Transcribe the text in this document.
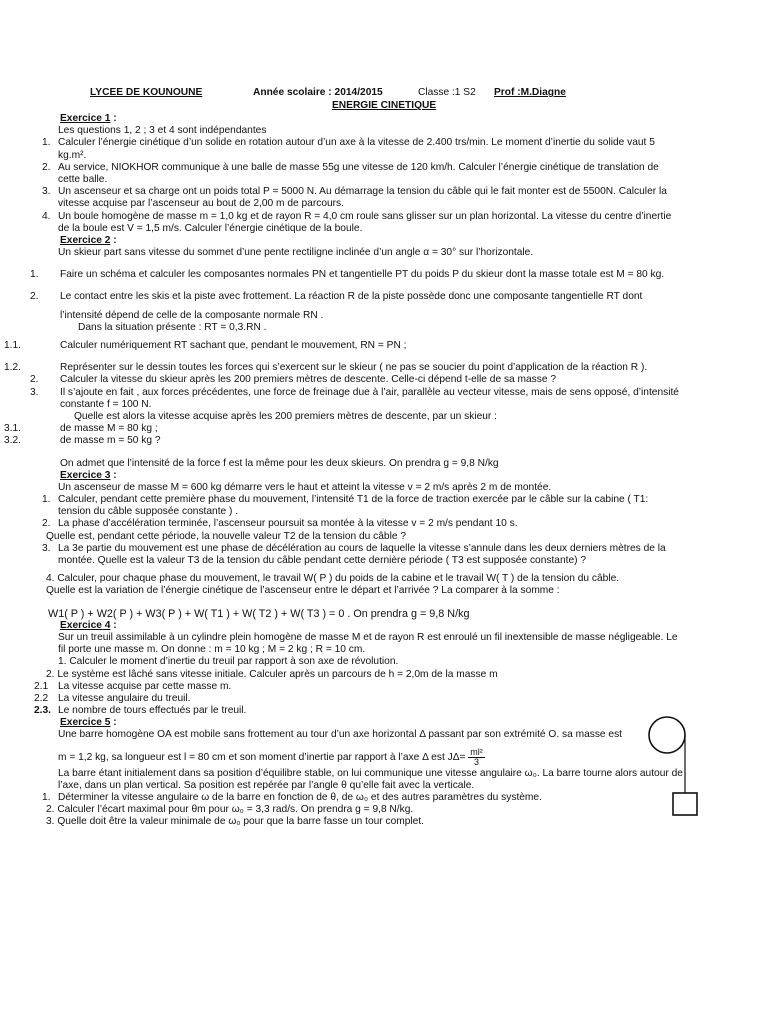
LYCEE DE KOUNOUNE	Année scolaire : 2014/2015	Classe :1 S2 Prof :M.Diagne
ENERGIE CINETIQUE
Exercice 1 :
Les questions 1, 2 ; 3 et 4 sont indépendantes
1. Calculer l’énergie cinétique d’un solide en rotation autour d’un axe à la vitesse de 2.400 trs/min. Le moment d’inertie du solide vaut 5
kg.m².
2. Au service, NIOKHOR communique à une balle de masse 55g une vitesse de 120 km/h. Calculer l’énergie cinétique de translation de
cette balle.
3. Un ascenseur et sa charge ont un poids total P = 5000 N. Au démarrage la tension du câble qui le fait monter est de 5500N. Calculer la
vitesse acquise par l’ascenseur au bout de 2,00 m de parcours.
4. Un boule homogène de masse m = 1,0 kg et de rayon R = 4,0 cm roule sans glisser sur un plan horizontal. La vitesse du centre d’inertie
de la boule est V = 1,5 m/s. Calculer l’énergie cinétique de la boule.
Exercice 2 :
Un skieur part sans vitesse du sommet d’une pente rectiligne inclinée d’un angle α = 30° sur l’horizontale.
1.	Faire un schéma et calculer les composantes normales PN et tangentielle PT du poids P du skieur dont la masse totale est M = 80 kg.
2.	Le contact entre les skis et la piste avec frottement. La réaction R de la piste possède donc une composante tangentielle RT dont
l’intensité dépend de celle de la composante normale RN .
Dans la situation présente : RT = 0,3.RN .
1.1.	Calculer numériquement RT sachant que, pendant le mouvement, RN = PN ;
1.2.	Représenter sur le dessin toutes les forces qui s’exercent sur le skieur ( ne pas se soucier du point d’application de la réaction R ).
2.	Calculer la vitesse du skieur après les 200 premiers mètres de descente. Celle-ci dépend t-elle de sa masse ?
3.	Il s’ajoute en fait , aux forces précédentes, une force de freinage due à l’air, parallèle au vecteur vitesse, mais de sens opposé, d’intensité
constante f = 100 N.
Quelle est alors la vitesse acquise après les 200 premiers mètres de descente, par un skieur :
3.1.	de masse M = 80 kg ;
3.2.	de masse m = 50 kg ?
On admet que l’intensité de la force f est la même pour les deux skieurs. On prendra g = 9,8 N/kg
Exercice 3 :
Un ascenseur de masse M = 600 kg démarre vers le haut et atteint la vitesse v = 2 m/s après 2 m de montée.
1. Calculer, pendant cette première phase du mouvement, l’intensité T1 de la force de traction exercée par le câble sur la cabine ( T1:
tension du câble supposée constante ) .
2. La phase d’accélération terminée, l’ascenseur poursuit sa montée à la vitesse v = 2 m/s pendant 10 s.
Quelle est, pendant cette période, la nouvelle valeur T2 de la tension du câble ?
3. La 3e partie du mouvement est une phase de décélération au cours de laquelle la vitesse s’annule dans les deux derniers mètres de la
montée. Quelle est la valeur T3 de la tension du câble pendant cette dernière période ( T3 est supposée constante) ?
4. Calculer, pour chaque phase du mouvement, le travail W( P ) du poids de la cabine et le travail W( T ) de la tension du câble.
Quelle est la variation de l’énergie cinétique de l’ascenseur entre le départ et l’arrivée ? La comparer à la somme :
W1( P ) + W2( P ) + W3( P ) + W( T1 ) + W( T2 ) + W( T3 ) = 0 . On prendra g = 9,8 N/kg
Exercice 4 :
Sur un treuil assimilable à un cylindre plein homogène de masse M et de rayon R est enroulé un fil inextensible de masse négligeable. Le
fil porte une masse m. On donne : m = 10 kg ; M = 2 kg ; R = 10 cm.
1. Calculer le moment d’inertie du treuil par rapport à son axe de révolution.
2. Le système est lâché sans vitesse initiale. Calculer après un parcours de h = 2,0m de la masse m
2.1 La vitesse acquise par cette masse m.
2.2 La vitesse angulaire du treuil.
2.3. Le nombre de tours effectués par le treuil.
Exercice 5 :
Une barre homogène OA est mobile sans frottement au tour d’un axe horizontal Δ passant par son extrémité O. sa masse est
m = 1,2 kg, sa longueur est l = 80 cm et son moment d’inertie par rapport à l’axe Δ est $J\Delta= \frac{\text{ml²}}{3}$
La barre étant initialement dans sa position d’équilibre stable, on lui communique une vitesse angulaire ω₀. La barre tourne alors autour de
l’axe, dans un plan vertical. Sa position est repérée par l’angle θ qu’elle fait avec la verticale.
1. Déterminer la vitesse angulaire ω de la barre en fonction de θ, de ω₀ et des autres paramètres du système.
2. Calculer l’écart maximal pour θm pour ω₀ = 3,3 rad/s. On prendra g = 9,8 N/kg.
3. Quelle doit être la valeur minimale de ω₀ pour que la barre fasse un tour complet.
